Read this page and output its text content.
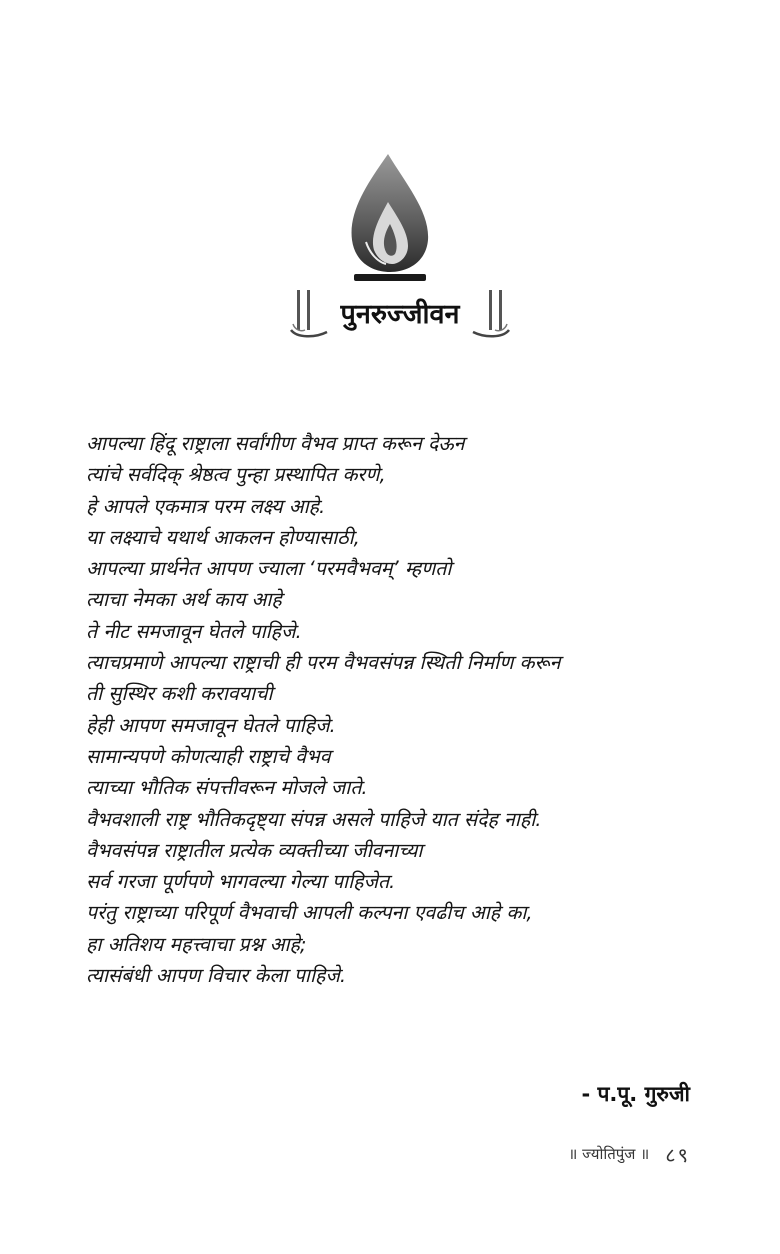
पुनरुज्जीवन
आपल्या हिंदू राष्ट्राला सर्वांगीण वैभव प्राप्त करून देऊन
त्यांचे सर्वदिक् श्रेष्ठत्व पुन्हा प्रस्थापित करणे,
हे आपले एकमात्र परम लक्ष्य आहे.
या लक्ष्याचे यथार्थ आकलन होण्यासाठी,
आपल्या प्रार्थनेत आपण ज्याला ‘परमवैभवम्’ म्हणतो
त्याचा नेमका अर्थ काय आहे
ते नीट समजावून घेतले पाहिजे.
त्याचप्रमाणे आपल्या राष्ट्राची ही परम वैभवसंपन्न स्थिती निर्माण करून
ती सुस्थिर कशी करावयाची
हेही आपण समजावून घेतले पाहिजे.
सामान्यपणे कोणत्याही राष्ट्राचे वैभव
त्याच्या भौतिक संपत्तीवरून मोजले जाते.
वैभवशाली राष्ट्र भौतिकदृष्ट्या संपन्न असले पाहिजे यात संदेह नाही.
वैभवसंपन्न राष्ट्रातील प्रत्येक व्यक्तीच्या जीवनाच्या
सर्व गरजा पूर्णपणे भागवल्या गेल्या पाहिजेत.
परंतु राष्ट्राच्या परिपूर्ण वैभवाची आपली कल्पना एवढीच आहे का,
हा अतिशय महत्त्वाचा प्रश्न आहे;
त्यासंबंधी आपण विचार केला पाहिजे.
- प.पू. गुरुजी
॥ ज्योतिपुंज ॥ ८९
